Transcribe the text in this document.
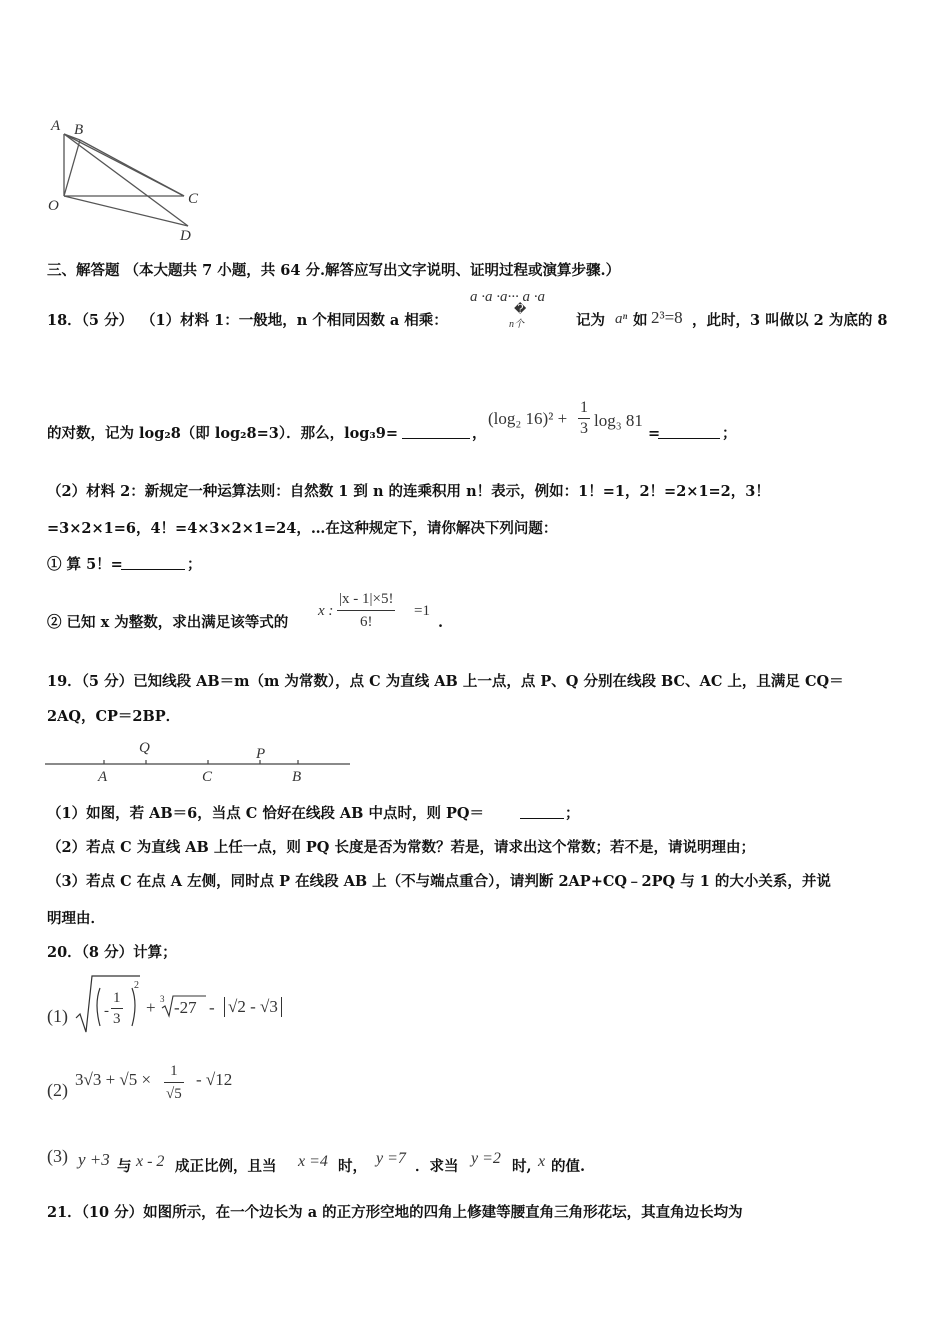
A B
O	C
D
三、解答题 （本大题共 7 小题，共 64 分.解答应写出文字说明、证明过程或演算步骤.）
18．（5 分） （1）材料 1：一般地，n 个相同因数 a 相乘：
a ·a ·a··· a ·a
�
n个	记为 aⁿ 如 2³=8 ，此时，3 叫做以 2 为底的 8
的对数，记为 log₂8（即 log₂8=3）．那么，log₃9=	，
(log₂ $16)^2 + \frac{1}{3} \log_3$ 81
=	；
（2）材料 2：新规定一种运算法则：自然数 1 到 n 的连乘积用 n！表示，例如：1！=1，2！=2×1=2，3！
=3×2×1=6，4！=4×3×2×1=24，…在这种规定下，请你解决下列问题：
① 算 5！=	；
② 已知 x 为整数，求出满足该等式的
x : $\frac{|x - 1|\times 5!}{6!} =1$
.
19．（5 分）已知线段 AB＝m（m 为常数），点 C 为直线 AB 上一点，点 P、Q 分别在线段 BC、AC 上，且满足 CQ＝
2AQ，CP＝2BP．
Q	P
A	C	B
（1）如图，若 AB＝6，当点 C 恰好在线段 AB 中点时，则 PQ＝	；
（2）若点 C 为直线 AB 上任一点，则 PQ 长度是否为常数？若是，请求出这个常数；若不是，请说明理由；
（3）若点 C 在点 A 左侧，同时点 P 在线段 AB 上（不与端点重合），请判断 2AP+CQ﹣2PQ 与 1 的大小关系，并说
明理由．
20．（8 分）计算；
$(1) - \frac{1}{3}$
2
+ 3 -27 - √2 - √3
(2)
$3√3 + √5 \times \frac{1}{√5} - √12$
(3) y +3 与 x - 2 成正比例，且当 x =4 时， y =7 ．求当 y =2 时, x 的值.
21．（10 分）如图所示，在一个边长为 a 的正方形空地的四角上修建等腰直角三角形花坛，其直角边长均为
